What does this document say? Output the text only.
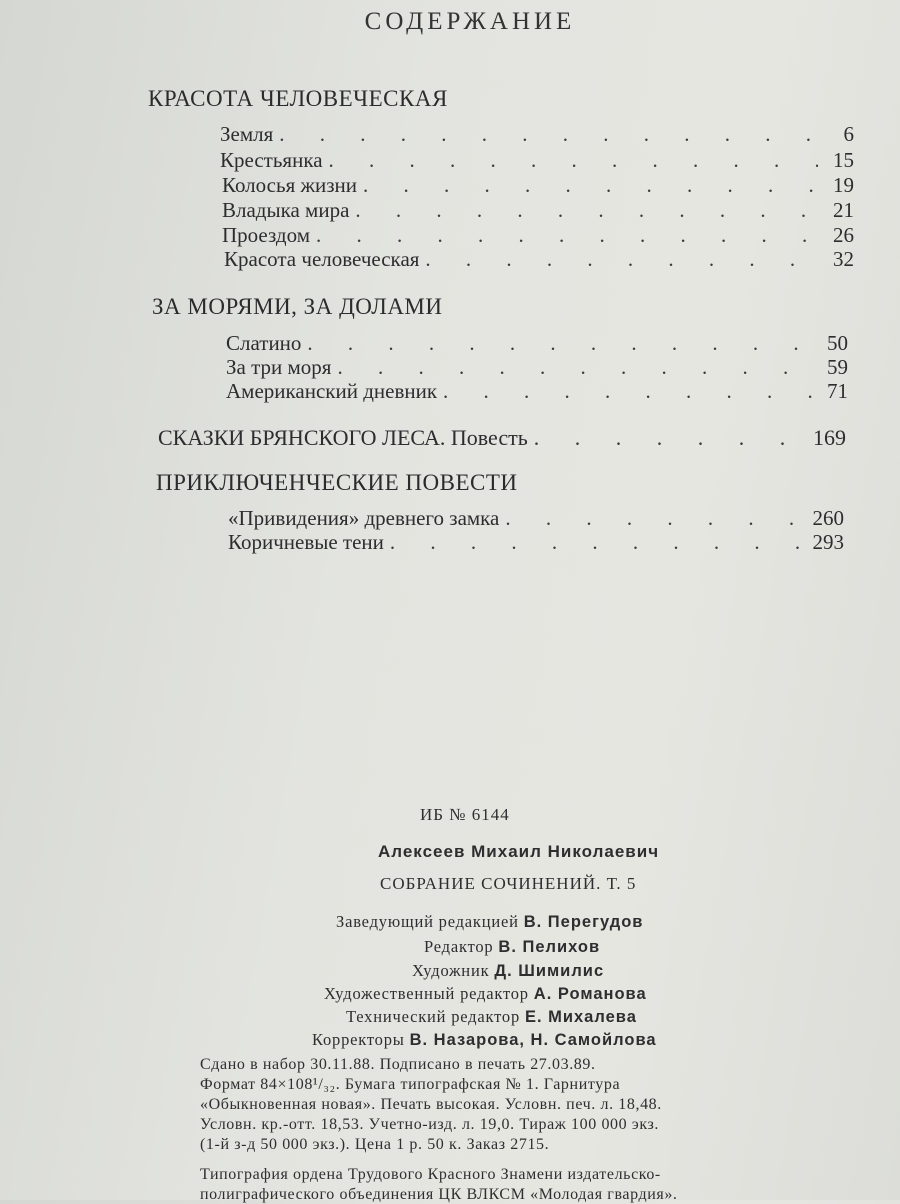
СОДЕРЖАНИЕ
КРАСОТА ЧЕЛОВЕЧЕСКАЯ
Земля . . .	6
Крестьянка . . .	15
Колосья жизни . . .	19
Владыка мира . . .	21
Проездом . . .	26
Красота человеческая . . .	32
ЗА МОРЯМИ, ЗА ДОЛАМИ
Слатино . . .	50
За три моря . . .	59
Американский дневник . . .	71
СКАЗКИ БРЯНСКОГО ЛЕСА. Повесть . . .	169
ПРИКЛЮЧЕНЧЕСКИЕ ПОВЕСТИ
«Привидения» древнего замка . . .	260
Коричневые тени . . .	293
ИБ № 6144
Алексеев Михаил Николаевич
СОБРАНИЕ СОЧИНЕНИЙ. Т. 5
Заведующий редакцией В. Перегудов
Редактор В. Пелихов
Художник Д. Шимилис
Художественный редактор А. Романова
Технический редактор Е. Михалева
Корректоры В. Назарова, Н. Самойлова
Сдано в набор 30.11.88. Подписано в печать 27.03.89.
Формат 84×108¹/₃₂. Бумага типографская № 1. Гарнитура
«Обыкновенная новая». Печать высокая. Условн. печ. л. 18,48.
Условн. кр.-отт. 18,53. Учетно-изд. л. 19,0. Тираж 100 000 экз.
(1-й з-д 50 000 экз.). Цена 1 р. 50 к. Заказ 2715.
Типография ордена Трудового Красного Знамени издательско-
полиграфического объединения ЦК ВЛКСМ «Молодая гвардия».
